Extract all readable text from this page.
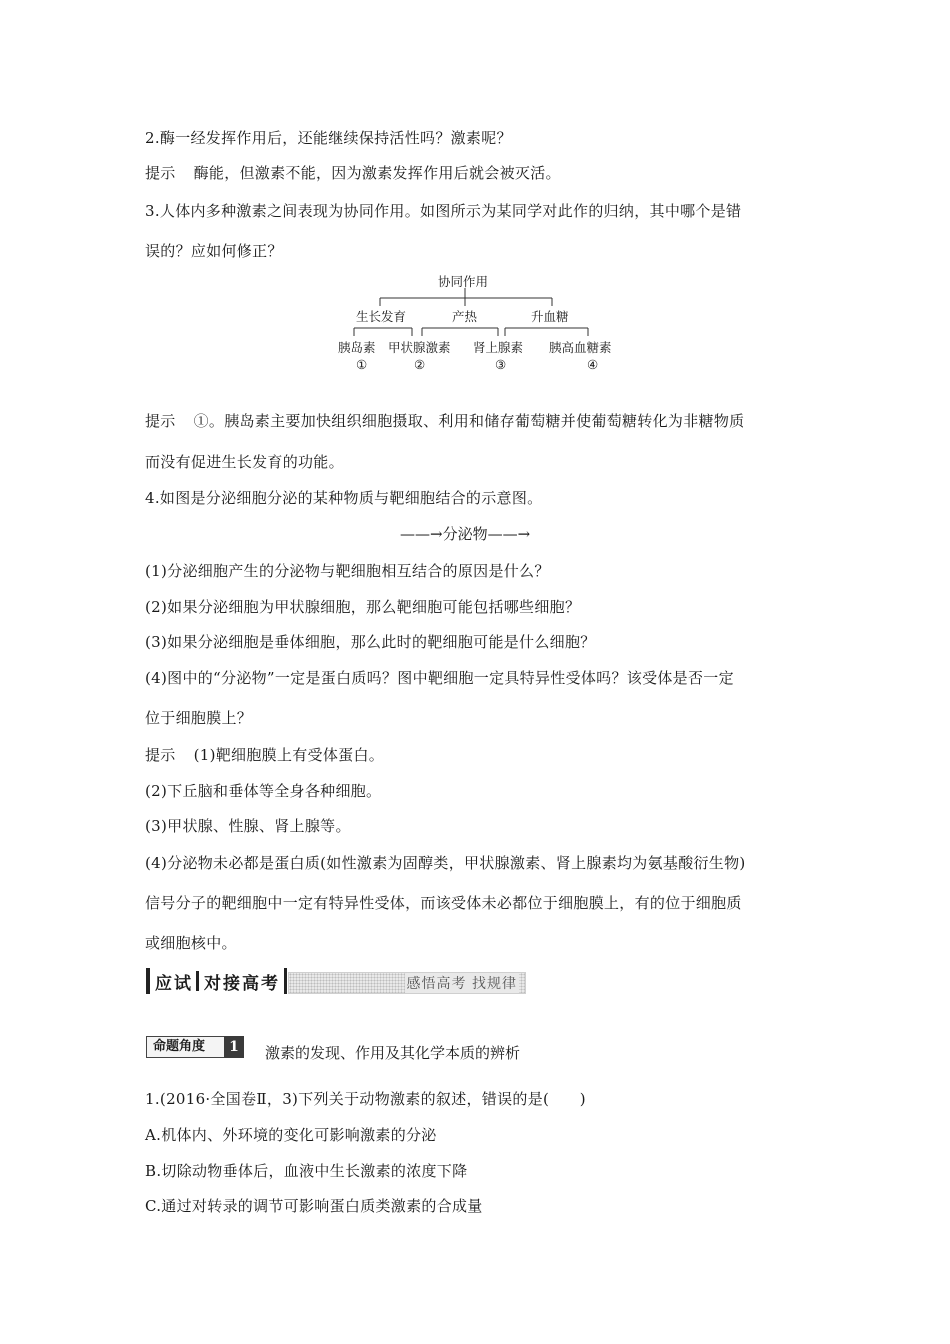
2.酶一经发挥作用后，还能继续保持活性吗？激素呢？
提示 酶能，但激素不能，因为激素发挥作用后就会被灭活。
3.人体内多种激素之间表现为协同作用。如图所示为某同学对此作的归纳，其中哪个是错
误的？应如何修正？
协同作用
生长发育	产热	升血糖
胰岛素 甲状腺激素 肾上腺素 胰高血糖素
①	②	③	④
提示 ①。胰岛素主要加快组织细胞摄取、利用和储存葡萄糖并使葡萄糖转化为非糖物质
而没有促进生长发育的功能。
4.如图是分泌细胞分泌的某种物质与靶细胞结合的示意图。
——→分泌物——→
(1)分泌细胞产生的分泌物与靶细胞相互结合的原因是什么？
(2)如果分泌细胞为甲状腺细胞，那么靶细胞可能包括哪些细胞？
(3)如果分泌细胞是垂体细胞，那么此时的靶细胞可能是什么细胞？
(4)图中的“分泌物”一定是蛋白质吗？图中靶细胞一定具特异性受体吗？该受体是否一定
位于细胞膜上？
提示 (1)靶细胞膜上有受体蛋白。
(2)下丘脑和垂体等全身各种细胞。
(3)甲状腺、性腺、肾上腺等。
(4)分泌物未必都是蛋白质(如性激素为固醇类，甲状腺激素、肾上腺素均为氨基酸衍生物)
信号分子的靶细胞中一定有特异性受体，而该受体未必都位于细胞膜上，有的位于细胞质
或细胞核中。
应试 对接高考	感悟高考 找规律
命题角度	1	激素的发现、作用及其化学本质的辨析
1.(2016·全国卷Ⅱ，3)下列关于动物激素的叙述，错误的是(　　)
A.机体内、外环境的变化可影响激素的分泌
B.切除动物垂体后，血液中生长激素的浓度下降
C.通过对转录的调节可影响蛋白质类激素的合成量
